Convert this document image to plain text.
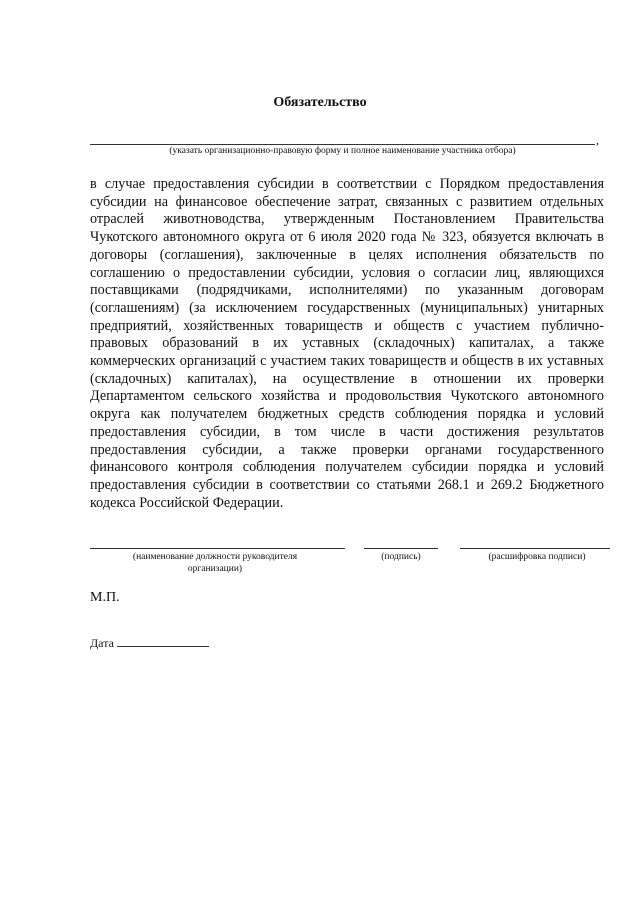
Обязательство
,
(указать организационно-правовую форму и полное наименование участника отбора)

в случае предоставления субсидии в соответствии с Порядком предоставления субсидии на финансовое обеспечение затрат, связанных с развитием отдельных отраслей животноводства, утвержденным Постановлением Правительства Чукотского автономного округа от 6 июля 2020 года № 323, обязуется включать в договоры (соглашения), заключенные в целях исполнения обязательств по соглашению о предоставлении субсидии, условия о согласии лиц, являющихся поставщиками (подрядчиками, исполнителями) по указанным договорам (соглашениям) (за исключением государственных (муниципальных) унитарных предприятий, хозяйственных товариществ и обществ с участием публично-правовых образований в их уставных (складочных) капиталах, а также коммерческих организаций с участием таких товариществ и обществ в их уставных (складочных) капиталах), на осуществление в отношении их проверки Департаментом сельского хозяйства и продовольствия Чукотского автономного округа как получателем бюджетных средств соблюдения порядка и условий предоставления субсидии, в том числе в части достижения результатов предоставления субсидии, а также проверки органами государственного финансового контроля соблюдения получателем субсидии порядка и условий предоставления субсидии в соответствии со статьями 268.1 и 269.2 Бюджетного кодекса Российской Федерации.

(наименование должности руководителя организации)
(подпись)	(расшифровка подписи)
М.П.
Дата
